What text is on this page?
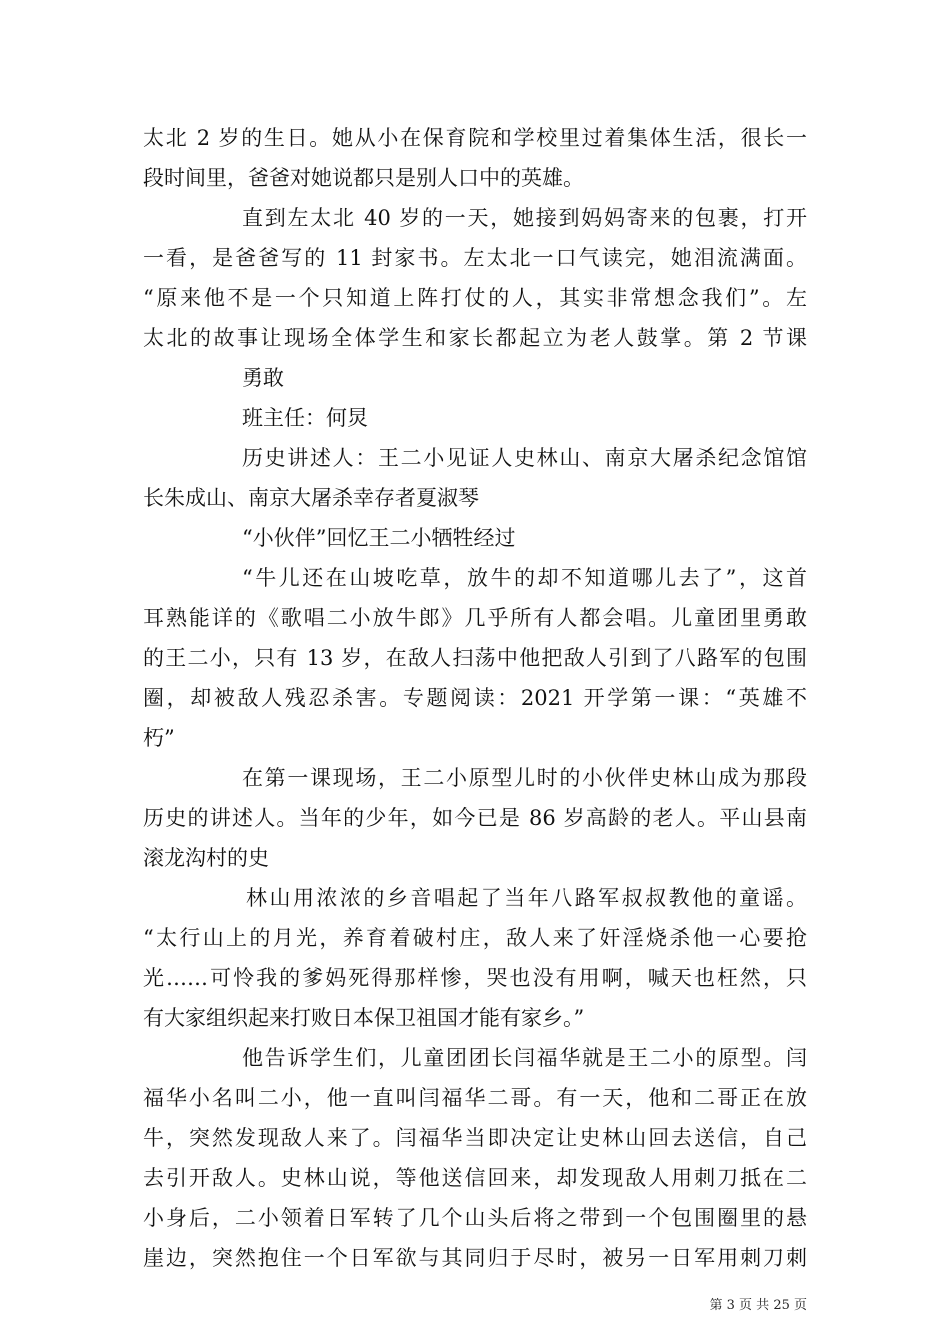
太北 2 岁的生日。她从小在保育院和学校里过着集体生活，很长一
段时间里，爸爸对她说都只是别人口中的英雄。
直到左太北 40 岁的一天，她接到妈妈寄来的包裹，打开
一看，是爸爸写的 11 封家书。左太北一口气读完，她泪流满面。
“原来他不是一个只知道上阵打仗的人，其实非常想念我们”。左
太北的故事让现场全体学生和家长都起立为老人鼓掌。第 2 节课
勇敢
班主任：何炅
历史讲述人：王二小见证人史林山、南京大屠杀纪念馆馆
长朱成山、南京大屠杀幸存者夏淑琴
“小伙伴”回忆王二小牺牲经过
“牛儿还在山坡吃草，放牛的却不知道哪儿去了”，这首
耳熟能详的《歌唱二小放牛郎》几乎所有人都会唱。儿童团里勇敢
的王二小，只有 13 岁，在敌人扫荡中他把敌人引到了八路军的包围
圈，却被敌人残忍杀害。专题阅读：2021 开学第一课：“英雄不
朽”
在第一课现场，王二小原型儿时的小伙伴史林山成为那段
历史的讲述人。当年的少年，如今已是 86 岁高龄的老人。平山县南
滚龙沟村的史
林山用浓浓的乡音唱起了当年八路军叔叔教他的童谣。
“太行山上的月光，养育着破村庄，敌人来了奸淫烧杀他一心要抢
光……可怜我的爹妈死得那样惨，哭也没有用啊，喊天也枉然，只
有大家组织起来打败日本保卫祖国才能有家乡。”
他告诉学生们，儿童团团长闫福华就是王二小的原型。闫
福华小名叫二小，他一直叫闫福华二哥。有一天，他和二哥正在放
牛，突然发现敌人来了。闫福华当即决定让史林山回去送信，自己
去引开敌人。史林山说，等他送信回来，却发现敌人用刺刀抵在二
小身后，二小领着日军转了几个山头后将之带到一个包围圈里的悬
崖边，突然抱住一个日军欲与其同归于尽时，被另一日军用刺刀刺
第 3 页 共 25 页
